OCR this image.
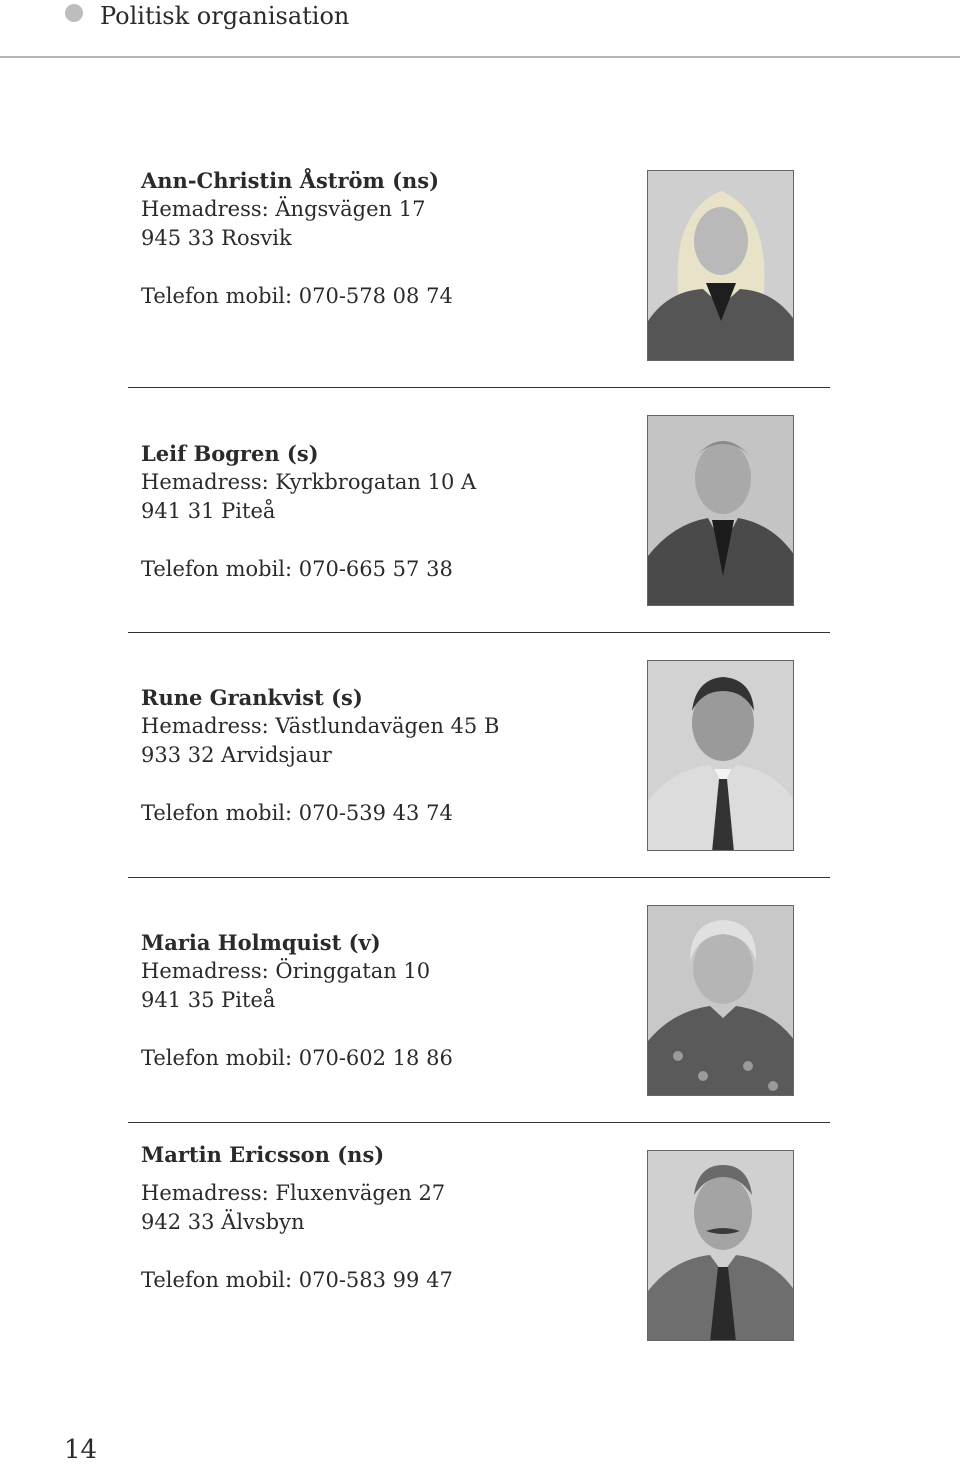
Politisk organisation
Ann-Christin Åström (ns)
Hemadress: Ängsvägen 17
945 33 Rosvik
Telefon mobil: 070-578 08 74
Leif Bogren (s)
Hemadress: Kyrkbrogatan 10 A
941 31 Piteå
Telefon mobil: 070-665 57 38
Rune Grankvist (s)
Hemadress: Västlundavägen 45 B
933 32 Arvidsjaur
Telefon mobil: 070-539 43 74
Maria Holmquist (v)
Hemadress: Öringgatan 10
941 35 Piteå
Telefon mobil: 070-602 18 86
Martin Ericsson (ns)
Hemadress: Fluxenvägen 27
942 33 Älvsbyn
Telefon mobil: 070-583 99 47
14
